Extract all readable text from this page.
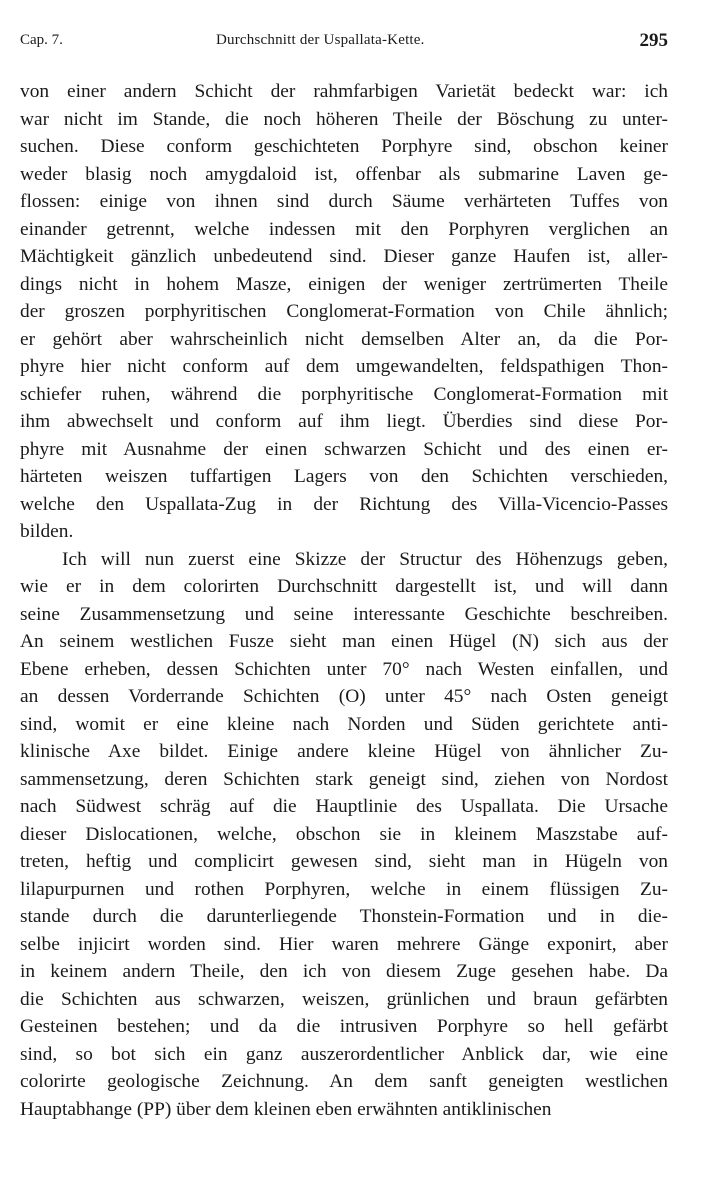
Cap. 7.	Durchschnitt der Uspallata-Kette.	295
von einer andern Schicht der rahmfarbigen Varietät bedeckt war: ich
war nicht im Stande, die noch höheren Theile der Böschung zu unter-
suchen. Diese conform geschichteten Porphyre sind, obschon keiner
weder blasig noch amygdaloid ist, offenbar als submarine Laven ge-
flossen: einige von ihnen sind durch Säume verhärteten Tuffes von
einander getrennt, welche indessen mit den Porphyren verglichen an
Mächtigkeit gänzlich unbedeutend sind. Dieser ganze Haufen ist, aller-
dings nicht in hohem Masze, einigen der weniger zertrümerten Theile
der groszen porphyritischen Conglomerat-Formation von Chile ähnlich;
er gehört aber wahrscheinlich nicht demselben Alter an, da die Por-
phyre hier nicht conform auf dem umgewandelten, feldspathigen Thon-
schiefer ruhen, während die porphyritische Conglomerat-Formation mit
ihm abwechselt und conform auf ihm liegt. Überdies sind diese Por-
phyre mit Ausnahme der einen schwarzen Schicht und des einen er-
härteten weiszen tuffartigen Lagers von den Schichten verschieden,
welche den Uspallata-Zug in der Richtung des Villa-Vicencio-Passes
bilden.
Ich will nun zuerst eine Skizze der Structur des Höhenzugs geben,
wie er in dem colorirten Durchschnitt dargestellt ist, und will dann
seine Zusammensetzung und seine interessante Geschichte beschreiben.
An seinem westlichen Fusze sieht man einen Hügel (N) sich aus der
Ebene erheben, dessen Schichten unter 70° nach Westen einfallen, und
an dessen Vorderrande Schichten (O) unter 45° nach Osten geneigt
sind, womit er eine kleine nach Norden und Süden gerichtete anti-
klinische Axe bildet. Einige andere kleine Hügel von ähnlicher Zu-
sammensetzung, deren Schichten stark geneigt sind, ziehen von Nordost
nach Südwest schräg auf die Hauptlinie des Uspallata. Die Ursache
dieser Dislocationen, welche, obschon sie in kleinem Maszstabe auf-
treten, heftig und complicirt gewesen sind, sieht man in Hügeln von
lilapurpurnen und rothen Porphyren, welche in einem flüssigen Zu-
stande durch die darunterliegende Thonstein-Formation und in die-
selbe injicirt worden sind. Hier waren mehrere Gänge exponirt, aber
in keinem andern Theile, den ich von diesem Zuge gesehen habe. Da
die Schichten aus schwarzen, weiszen, grünlichen und braun gefärbten
Gesteinen bestehen; und da die intrusiven Porphyre so hell gefärbt
sind, so bot sich ein ganz auszerordentlicher Anblick dar, wie eine
colorirte geologische Zeichnung. An dem sanft geneigten westlichen
Hauptabhange (PP) über dem kleinen eben erwähnten antiklinischen
